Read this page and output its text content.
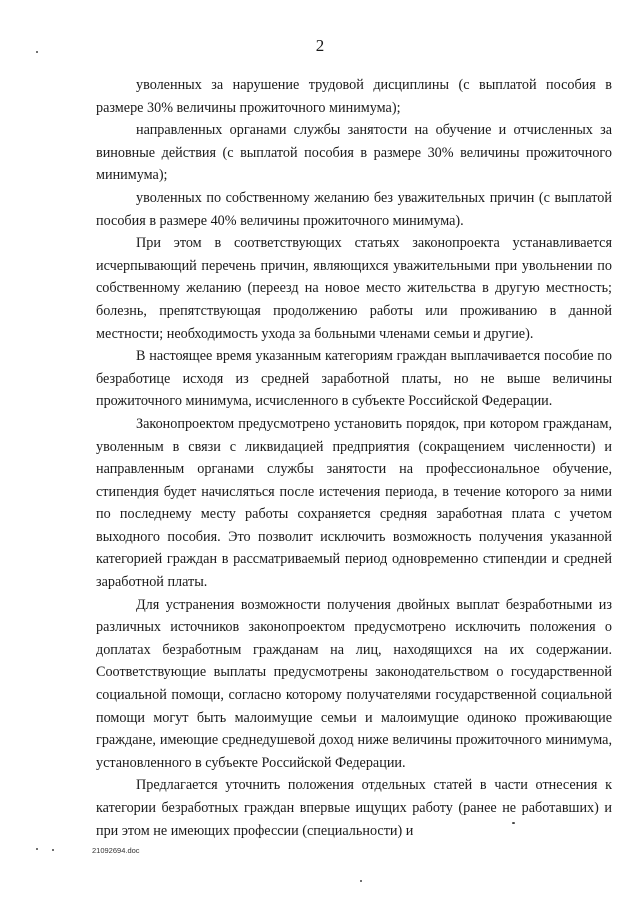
2

уволенных за нарушение трудовой дисциплины (с выплатой пособия в размере 30% величины прожиточного минимума);

направленных органами службы занятости на обучение и отчисленных за виновные действия (с выплатой пособия в размере 30% величины прожиточного минимума);

уволенных по собственному желанию без уважительных причин (с выплатой пособия в размере 40% величины прожиточного минимума).

При этом в соответствующих статьях законопроекта устанавливается исчерпывающий перечень причин, являющихся уважительными при увольнении по собственному желанию (переезд на новое место жительства в другую местность; болезнь, препятствующая продолжению работы или проживанию в данной местности; необходимость ухода за больными членами семьи и другие).

В настоящее время указанным категориям граждан выплачивается пособие по безработице исходя из средней заработной платы, но не выше величины прожиточного минимума, исчисленного в субъекте Российской Федерации.

Законопроектом предусмотрено установить порядок, при котором гражданам, уволенным в связи с ликвидацией предприятия (сокращением численности) и направленным органами службы занятости на профессиональное обучение, стипендия будет начисляться после истечения периода, в течение которого за ними по последнему месту работы сохраняется средняя заработная плата с учетом выходного пособия. Это позволит исключить возможность получения указанной категорией граждан в рассматриваемый период одновременно стипендии и средней заработной платы.

Для устранения возможности получения двойных выплат безработными из различных источников законопроектом предусмотрено исключить положения о доплатах безработным гражданам на лиц, находящихся на их содержании. Соответствующие выплаты предусмотрены законодательством о государственной социальной помощи, согласно которому получателями государственной социальной помощи могут быть малоимущие семьи и малоимущие одиноко проживающие граждане, имеющие среднедушевой доход ниже величины прожиточного минимума, установленного в субъекте Российской Федерации.

Предлагается уточнить положения отдельных статей в части отнесения к категории безработных граждан впервые ищущих работу (ранее не работавших) и при этом не имеющих профессии (специальности) и

21092694.doc
